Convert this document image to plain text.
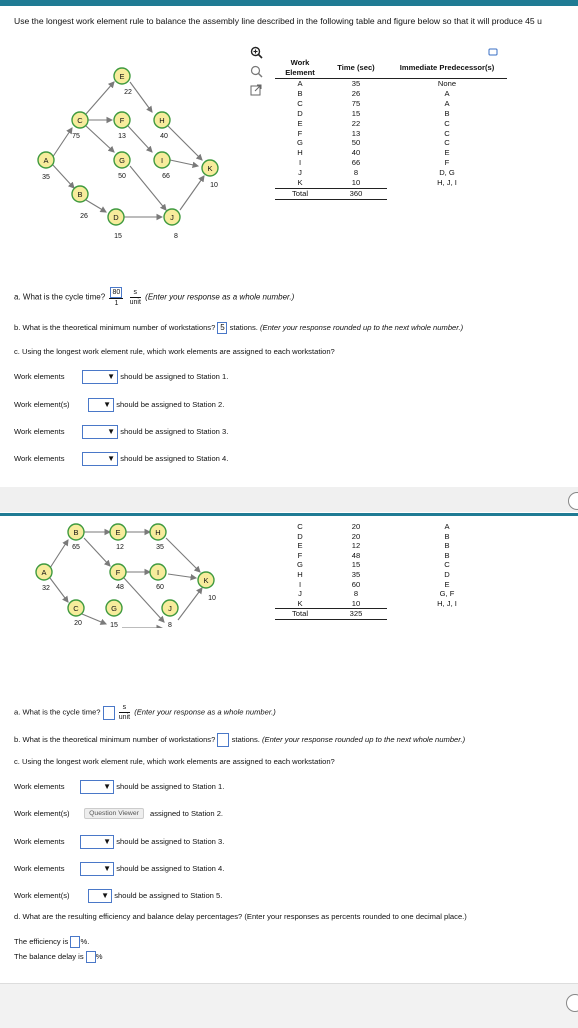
Use the longest work element rule to balance the assembly line described in the following table and figure below so that it will produce 45 u
E
C	F	H
A	G	I
K
B
D	J
22
75	13	40
35	50	66
10
26
15	8
Work
Element	Time (sec)	Immediate Predecessor(s)
A	35	None
B	26	A
C	75	A
D	15	B
E	22	C
F	13	C
G	50	C
H	40	E
I	66	F
J	8	D, G
K	10	H, J, I
Total	360	
a. What is the cycle time? $\frac{80}{1}$
$\frac{s}{\text{unit}}$ (Enter your response as a whole number.)
b. What is the theoretical minimum number of workstations? 5 stations. (Enter your response rounded up to the next whole number.)
c. Using the longest work element rule, which work elements are assigned to each workstation?
Work elements	▼ should be assigned to Station 1.
Work element(s)	▼ should be assigned to Station 2.
Work elements	▼ should be assigned to Station 3.
Work elements	▼ should be assigned to Station 4.
B	E	H
A	F	I
K
C
65	12	35
32	48	60
10
20
G	J
15	8
C	20	A
D	20	B
E	12	B
F	48	B
G	15	C
H	35	D
I	60	E
J	8	G, F
K	10	H, J, I
Total	325	
a. What is the cycle time?	$\frac{s}{\text{unit}}$ (Enter your response as a whole number.)
b. What is the theoretical minimum number of workstations? stations. (Enter your response rounded up to the next whole number.)
c. Using the longest work element rule, which work elements are assigned to each workstation?
Work elements	▼ should be assigned to Station 1.
Work element(s)	Question Viewer assigned to Station 2.
Work elements	▼ should be assigned to Station 3.
Work elements	▼ should be assigned to Station 4.
Work element(s)	▼ should be assigned to Station 5.
d. What are the resulting efficiency and balance delay percentages? (Enter your responses as percents rounded to one decimal place.)
The efficiency is %.
The balance delay is %
